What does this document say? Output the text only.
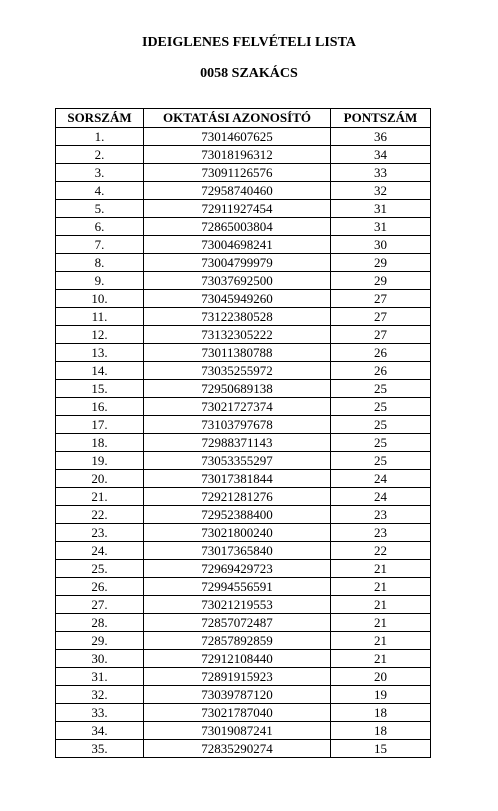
IDEIGLENES FELVÉTELI LISTA
0058 SZAKÁCS
SORSZÁM	OKTATÁSI AZONOSÍTÓ	PONTSZÁM
1.	73014607625	36
2.	73018196312	34
3.	73091126576	33
4.	72958740460	32
5.	72911927454	31
6.	72865003804	31
7.	73004698241	30
8.	73004799979	29
9.	73037692500	29
10.	73045949260	27
11.	73122380528	27
12.	73132305222	27
13.	73011380788	26
14.	73035255972	26
15.	72950689138	25
16.	73021727374	25
17.	73103797678	25
18.	72988371143	25
19.	73053355297	25
20.	73017381844	24
21.	72921281276	24
22.	72952388400	23
23.	73021800240	23
24.	73017365840	22
25.	72969429723	21
26.	72994556591	21
27.	73021219553	21
28.	72857072487	21
29.	72857892859	21
30.	72912108440	21
31.	72891915923	20
32.	73039787120	19
33.	73021787040	18
34.	73019087241	18
35.	72835290274	15
